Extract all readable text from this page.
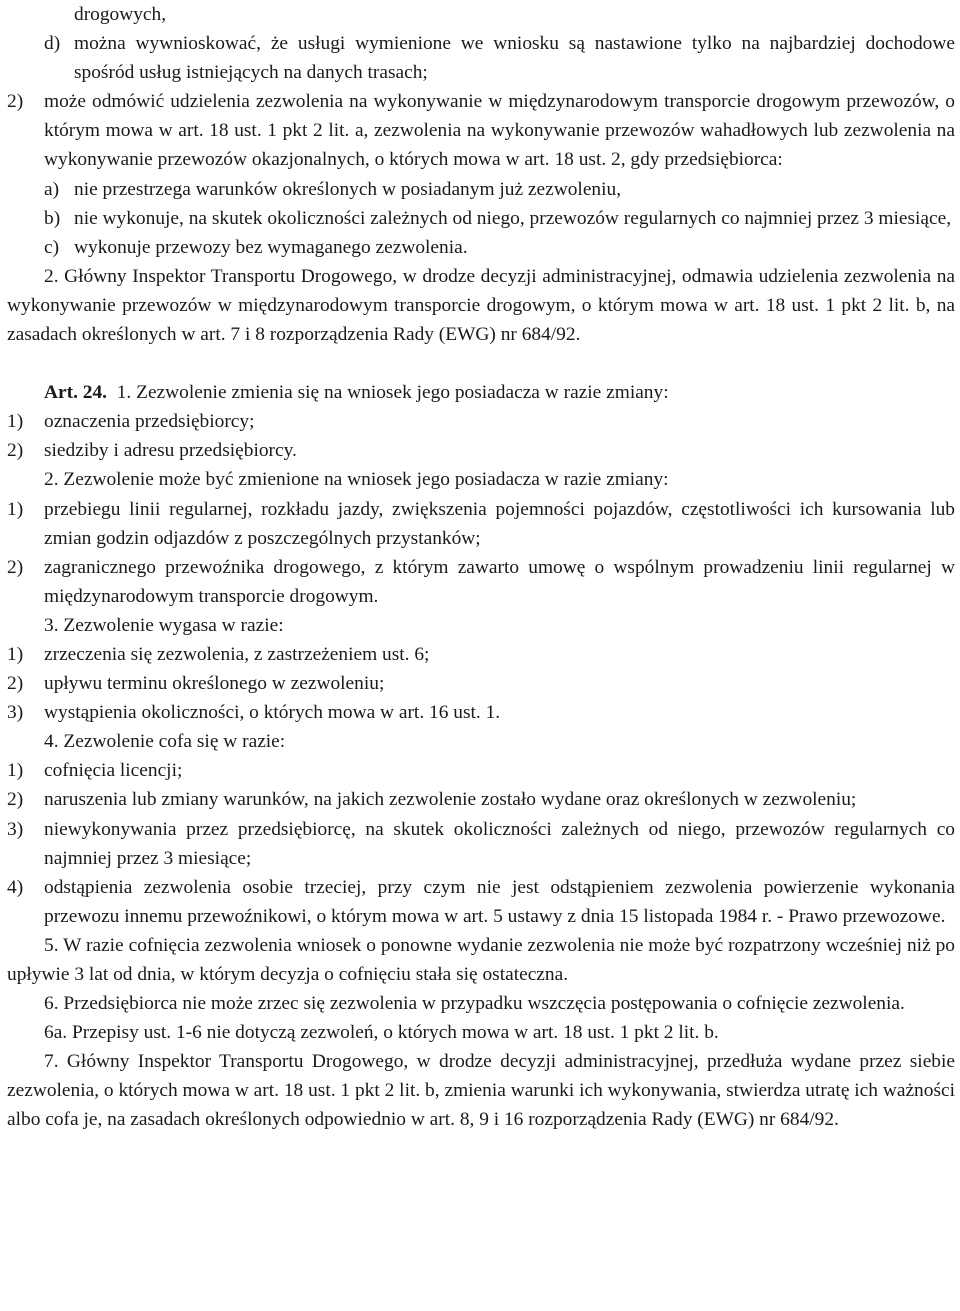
drogowych,

d) można wywnioskować, że usługi wymienione we wniosku są nastawione tylko na najbardziej dochodowe spośród usług istniejących na danych trasach;
2) może odmówić udzielenia zezwolenia na wykonywanie w międzynarodowym transporcie drogowym przewozów, o którym mowa w art. 18 ust. 1 pkt 2 lit. a, zezwolenia na wykonywanie przewozów wahadłowych lub zezwolenia na wykonywanie przewozów okazjonalnych, o których mowa w art. 18 ust. 2, gdy przedsiębiorca:
a) nie przestrzega warunków określonych w posiadanym już zezwoleniu,
b) nie wykonuje, na skutek okoliczności zależnych od niego, przewozów regularnych co najmniej przez 3 miesiące,
c) wykonuje przewozy bez wymaganego zezwolenia.

2. Główny Inspektor Transportu Drogowego, w drodze decyzji administracyjnej, odmawia udzielenia zezwolenia na wykonywanie przewozów w międzynarodowym transporcie drogowym, o którym mowa w art. 18 ust. 1 pkt 2 lit. b, na zasadach określonych w art. 7 i 8 rozporządzenia Rady (EWG) nr 684/92.

Art. 24. 1. Zezwolenie zmienia się na wniosek jego posiadacza w razie zmiany:

1) oznaczenia przedsiębiorcy;
2) siedziby i adresu przedsiębiorcy.

2. Zezwolenie może być zmienione na wniosek jego posiadacza w razie zmiany:

1) przebiegu linii regularnej, rozkładu jazdy, zwiększenia pojemności pojazdów, częstotliwości ich kursowania lub zmian godzin odjazdów z poszczególnych przystanków;
2) zagranicznego przewoźnika drogowego, z którym zawarto umowę o wspólnym prowadzeniu linii regularnej w międzynarodowym transporcie drogowym.

3. Zezwolenie wygasa w razie:

1) zrzeczenia się zezwolenia, z zastrzeżeniem ust. 6;
2) upływu terminu określonego w zezwoleniu;
3) wystąpienia okoliczności, o których mowa w art. 16 ust. 1.

4. Zezwolenie cofa się w razie:

1) cofnięcia licencji;
2) naruszenia lub zmiany warunków, na jakich zezwolenie zostało wydane oraz określonych w zezwoleniu;
3) niewykonywania przez przedsiębiorcę, na skutek okoliczności zależnych od niego, przewozów regularnych co najmniej przez 3 miesiące;
4) odstąpienia zezwolenia osobie trzeciej, przy czym nie jest odstąpieniem zezwolenia powierzenie wykonania przewozu innemu przewoźnikowi, o którym mowa w art. 5 ustawy z dnia 15 listopada 1984 r. - Prawo przewozowe.

5. W razie cofnięcia zezwolenia wniosek o ponowne wydanie zezwolenia nie może być rozpatrzony wcześniej niż po upływie 3 lat od dnia, w którym decyzja o cofnięciu stała się ostateczna.

6. Przedsiębiorca nie może zrzec się zezwolenia w przypadku wszczęcia postępowania o cofnięcie zezwolenia.

6a. Przepisy ust. 1-6 nie dotyczą zezwoleń, o których mowa w art. 18 ust. 1 pkt 2 lit. b.

7. Główny Inspektor Transportu Drogowego, w drodze decyzji administracyjnej, przedłuża wydane przez siebie zezwolenia, o których mowa w art. 18 ust. 1 pkt 2 lit. b, zmienia warunki ich wykonywania, stwierdza utratę ich ważności albo cofa je, na zasadach określonych odpowiednio w art. 8, 9 i 16 rozporządzenia Rady (EWG) nr 684/92.
